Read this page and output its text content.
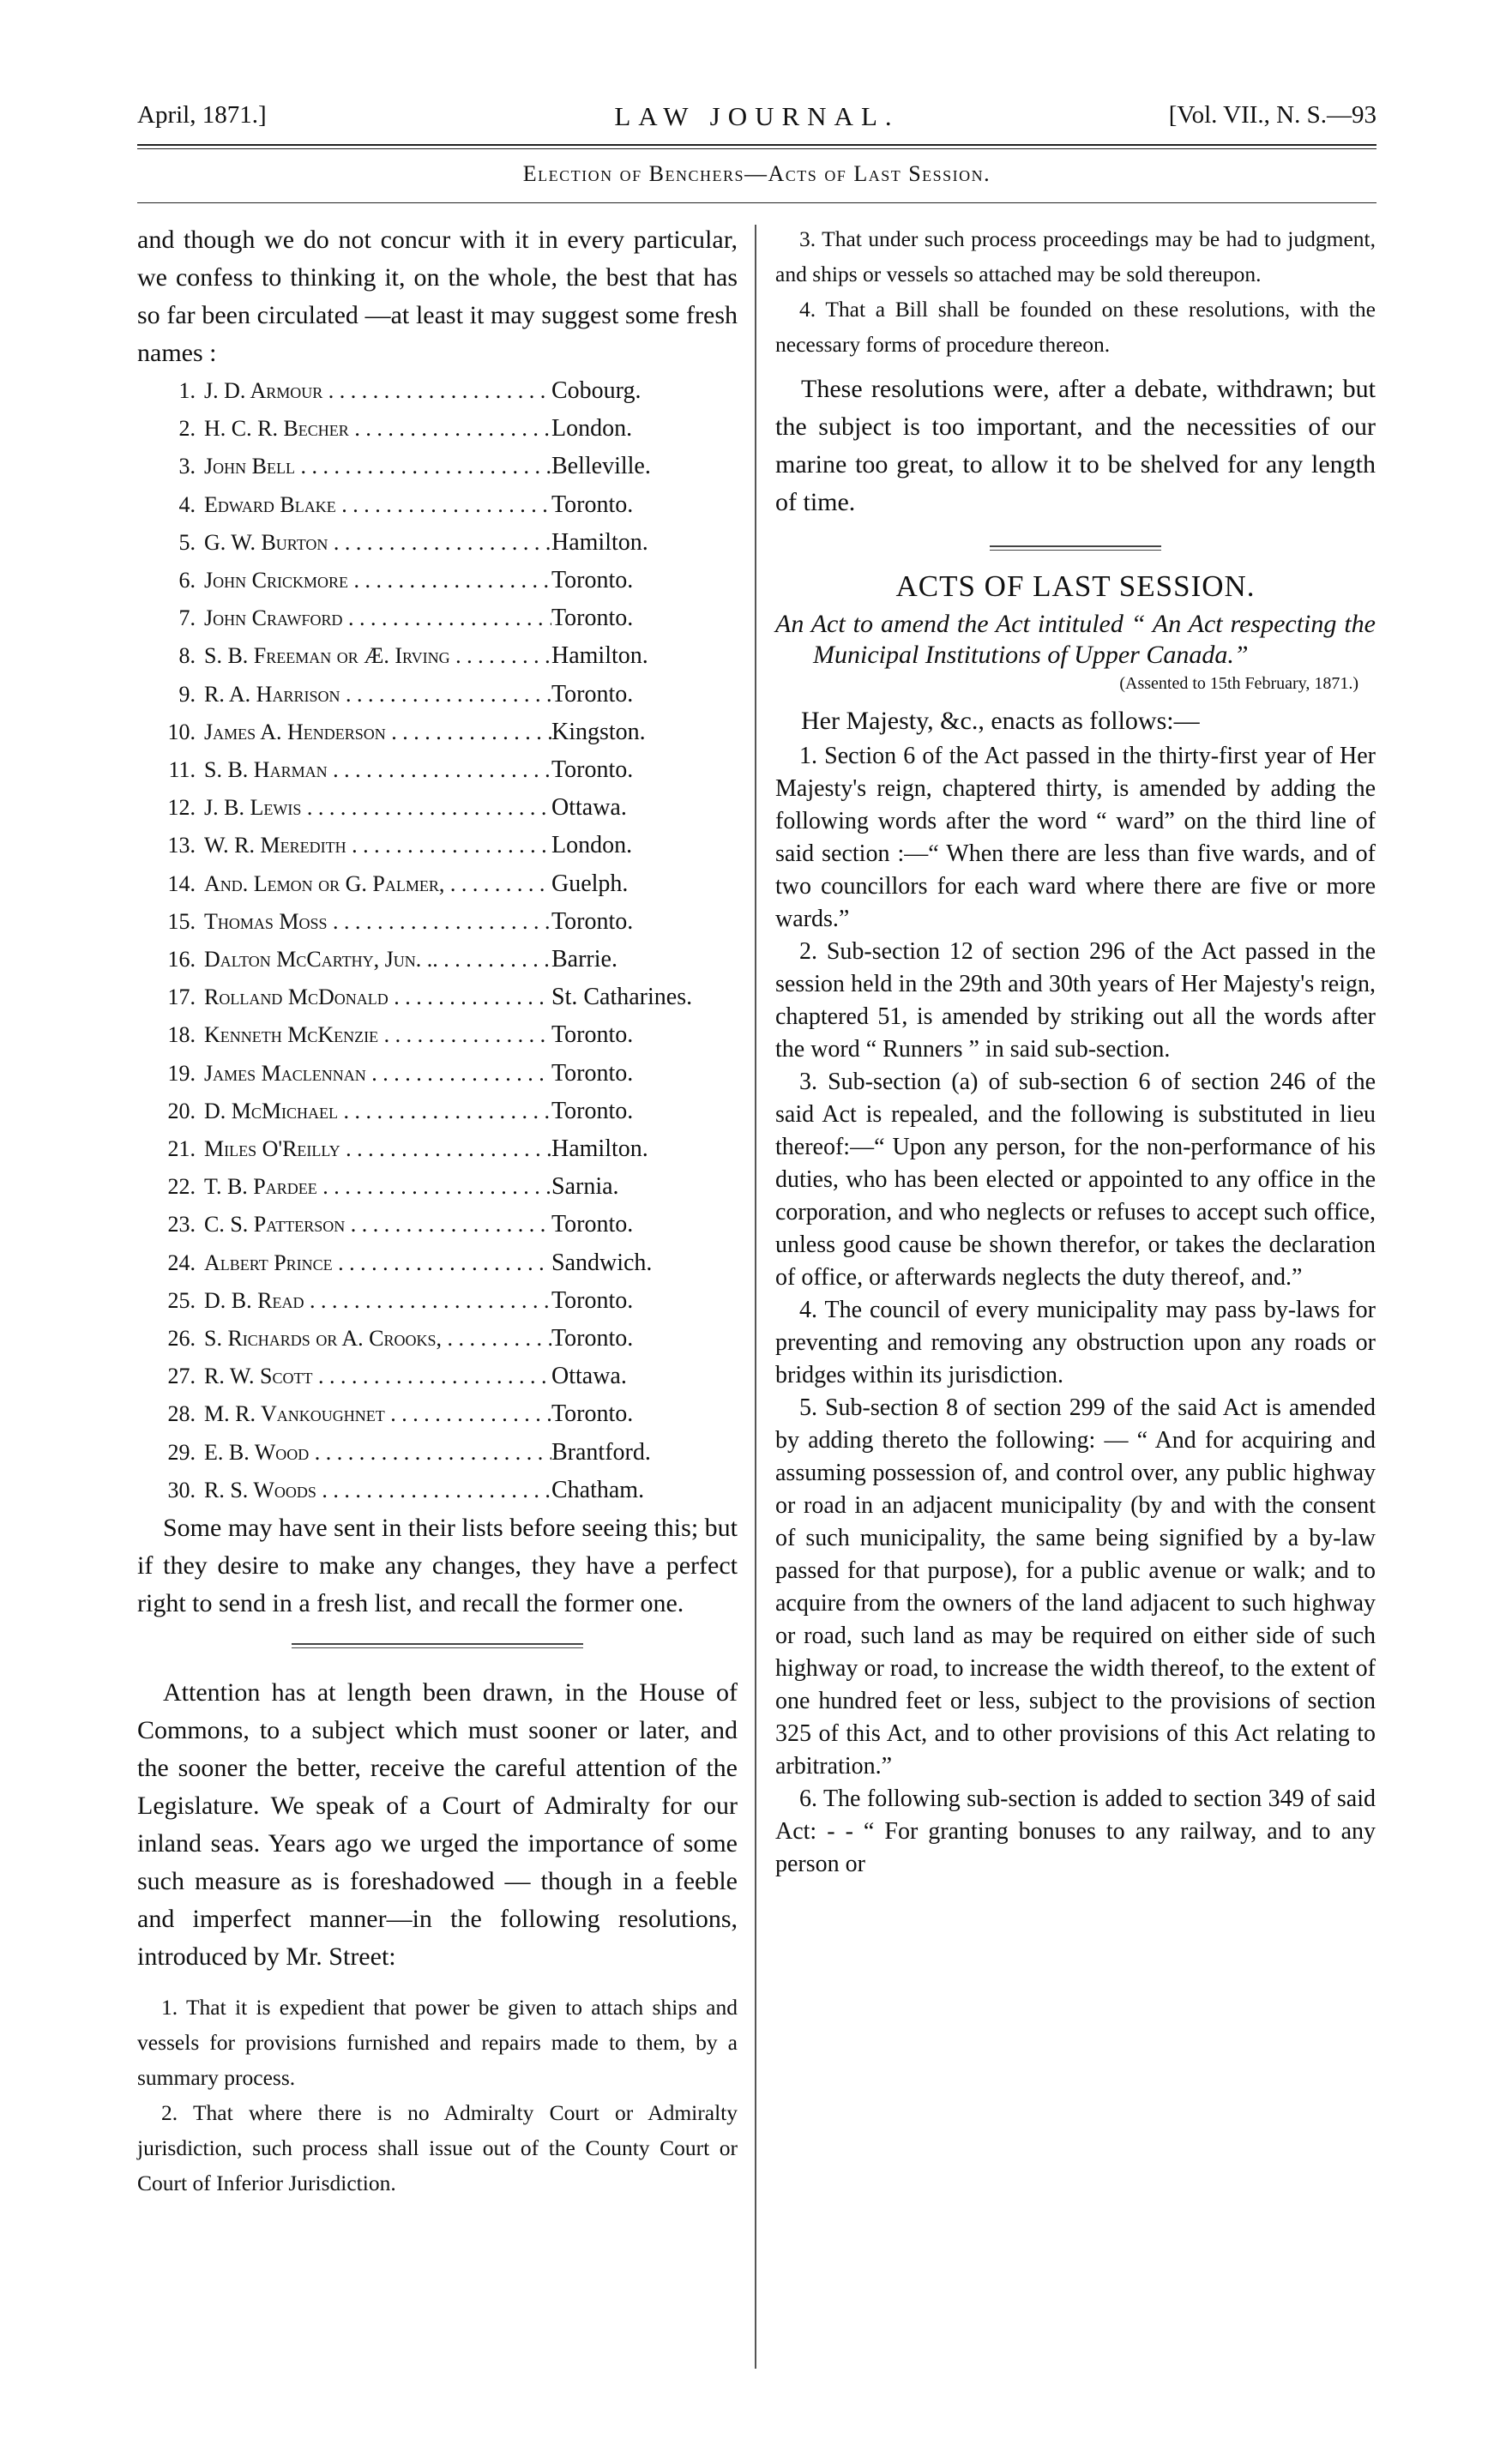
April, 1871.]	LAW JOURNAL.	[Vol. VII., N. S.—93
Election of Benchers—Acts of Last Session.

and though we do not concur with it in every particular, we confess to thinking it, on the whole, the best that has so far been circulated —at least it may suggest some fresh names :

1. J. D. Armour . . .	Cobourg.
2. H. C. R. Becher . . .	London.
3. John Bell . . .	Belleville.
4. Edward Blake . . .	Toronto.
5. G. W. Burton . . .	Hamilton.
6. John Crickmore . . .	Toronto.
7. John Crawford . . .	Toronto.
8. S. B. Freeman or Æ. Irving . . .	Hamilton.
9. R. A. Harrison . . .	Toronto.
10. James A. Henderson . . .	Kingston.
11. S. B. Harman . . .	Toronto.
12. J. B. Lewis . . .	Ottawa.
13. W. R. Meredith . . .	London.
14. And. Lemon or G. Palmer, . . .	Guelph.
15. Thomas Moss . . .	Toronto.
16. Dalton McCarthy, Jun. .. . . .	Barrie.
17. Rolland McDonald . . .	St. Catharines.
18. Kenneth McKenzie . . .	Toronto.
19. James Maclennan . . .	Toronto.
20. D. McMichael . . .	Toronto.
21. Miles O'Reilly . . .	Hamilton.
22. T. B. Pardee . . .	Sarnia.
23. C. S. Patterson . . .	Toronto.
24. Albert Prince . . .	Sandwich.
25. D. B. Read . . .	Toronto.
26. S. Richards or A. Crooks, . . .	Toronto.
27. R. W. Scott . . .	Ottawa.
28. M. R. Vankoughnet . . .	Toronto.
29. E. B. Wood . . .	Brantford.
30. R. S. Woods . . .	Chatham.

Some may have sent in their lists before seeing this; but if they desire to make any changes, they have a perfect right to send in a fresh list, and recall the former one.

Attention has at length been drawn, in the House of Commons, to a subject which must sooner or later, and the sooner the better, receive the careful attention of the Legislature. We speak of a Court of Admiralty for our inland seas. Years ago we urged the importance of some such measure as is foreshadowed — though in a feeble and imperfect manner—in the following resolutions, introduced by Mr. Street:

1. That it is expedient that power be given to attach ships and vessels for provisions furnished and repairs made to them, by a summary process.

2. That where there is no Admiralty Court or Admiralty jurisdiction, such process shall issue out of the County Court or Court of Inferior Jurisdiction.

3. That under such process proceedings may be had to judgment, and ships or vessels so attached may be sold thereupon.

4. That a Bill shall be founded on these resolutions, with the necessary forms of procedure thereon.

These resolutions were, after a debate, withdrawn; but the subject is too important, and the necessities of our marine too great, to allow it to be shelved for any length of time.

ACTS OF LAST SESSION.

An Act to amend the Act intituled “ An Act respecting the Municipal Institutions of Upper Canada.”

(Assented to 15th February, 1871.)

Her Majesty, &c., enacts as follows:—

1. Section 6 of the Act passed in the thirty-first year of Her Majesty's reign, chaptered thirty, is amended by adding the following words after the word “ ward” on the third line of said section :—“ When there are less than five wards, and of two councillors for each ward where there are five or more wards.”

2. Sub-section 12 of section 296 of the Act passed in the session held in the 29th and 30th years of Her Majesty's reign, chaptered 51, is amended by striking out all the words after the word “ Runners ” in said sub-section.

3. Sub-section (a) of sub-section 6 of section 246 of the said Act is repealed, and the following is substituted in lieu thereof:—“ Upon any person, for the non-performance of his duties, who has been elected or appointed to any office in the corporation, and who neglects or refuses to accept such office, unless good cause be shown therefor, or takes the declaration of office, or afterwards neglects the duty thereof, and.”

4. The council of every municipality may pass by-laws for preventing and removing any obstruction upon any roads or bridges within its jurisdiction.

5. Sub-section 8 of section 299 of the said Act is amended by adding thereto the following: — “ And for acquiring and assuming possession of, and control over, any public highway or road in an adjacent municipality (by and with the consent of such municipality, the same being signified by a by-law passed for that purpose), for a public avenue or walk; and to acquire from the owners of the land adjacent to such highway or road, such land as may be required on either side of such highway or road, to increase the width thereof, to the extent of one hundred feet or less, subject to the provisions of section 325 of this Act, and to other provisions of this Act relating to arbitration.”

6. The following sub-section is added to section 349 of said Act: - - “ For granting bonuses to any railway, and to any person or
